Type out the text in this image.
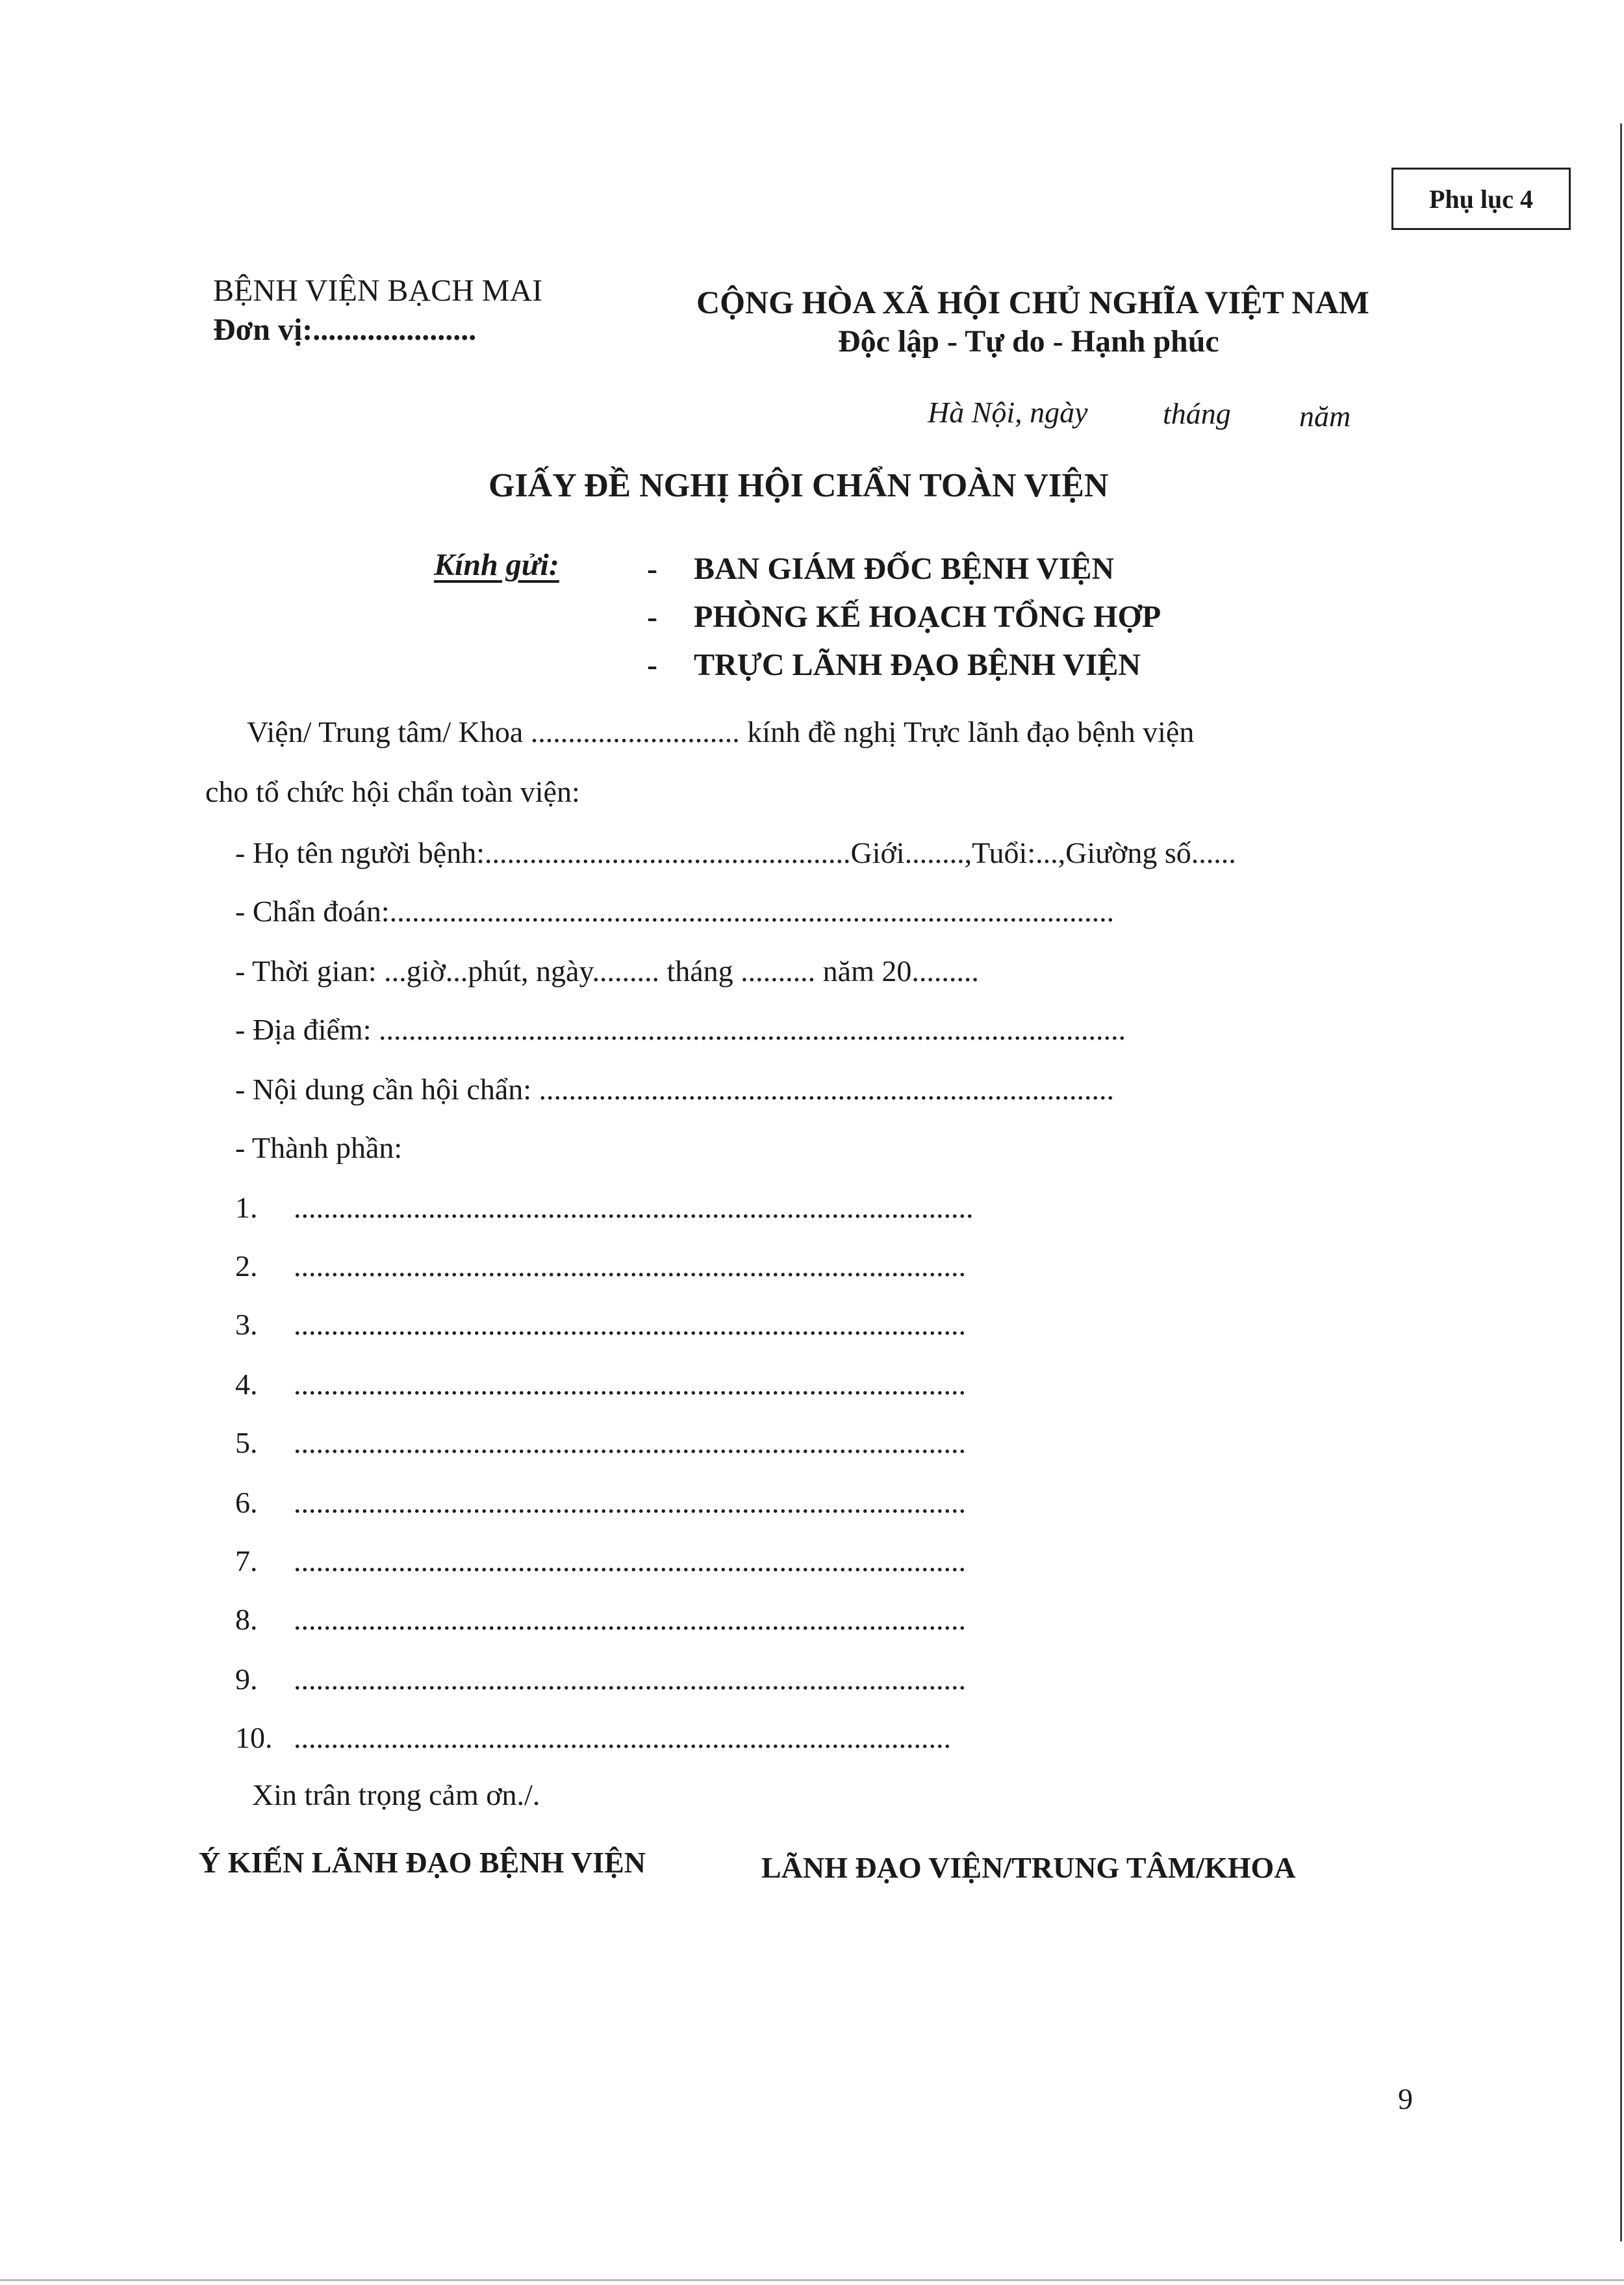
Phụ lục 4
BỆNH VIỆN BẠCH MAI
Đơn vị:.....................
CỘNG HÒA XÃ HỘI CHỦ NGHĨA VIỆT NAM
Độc lập - Tự do - Hạnh phúc
Hà Nội, ngày	tháng năm
GIẤY ĐỀ NGHỊ HỘI CHẨN TOÀN VIỆN
Kính gửi:	- BAN GIÁM ĐỐC BỆNH VIỆN
- PHÒNG KẾ HOẠCH TỔNG HỢP
- TRỰC LÃNH ĐẠO BỆNH VIỆN
Viện/ Trung tâm/ Khoa ............................ kính đề nghị Trực lãnh đạo bệnh viện
cho tổ chức hội chẩn toàn viện:
- Họ tên người bệnh:.................................................Giới........,Tuổi:...,Giường số......
- Chẩn đoán:.................................................................................................
- Thời gian: ...giờ...phút, ngày......... tháng .......... năm 20.........
- Địa điểm: ....................................................................................................
- Nội dung cần hội chẩn: .............................................................................
- Thành phần:
1. ...........................................................................................
2. ..........................................................................................
3. ..........................................................................................
4. ..........................................................................................
5. ..........................................................................................
6. ..........................................................................................
7. ..........................................................................................
8. ..........................................................................................
9. ..........................................................................................
10. ........................................................................................
Xin trân trọng cảm ơn./.
Ý KIẾN LÃNH ĐẠO BỆNH VIỆN	LÃNH ĐẠO VIỆN/TRUNG TÂM/KHOA
9
